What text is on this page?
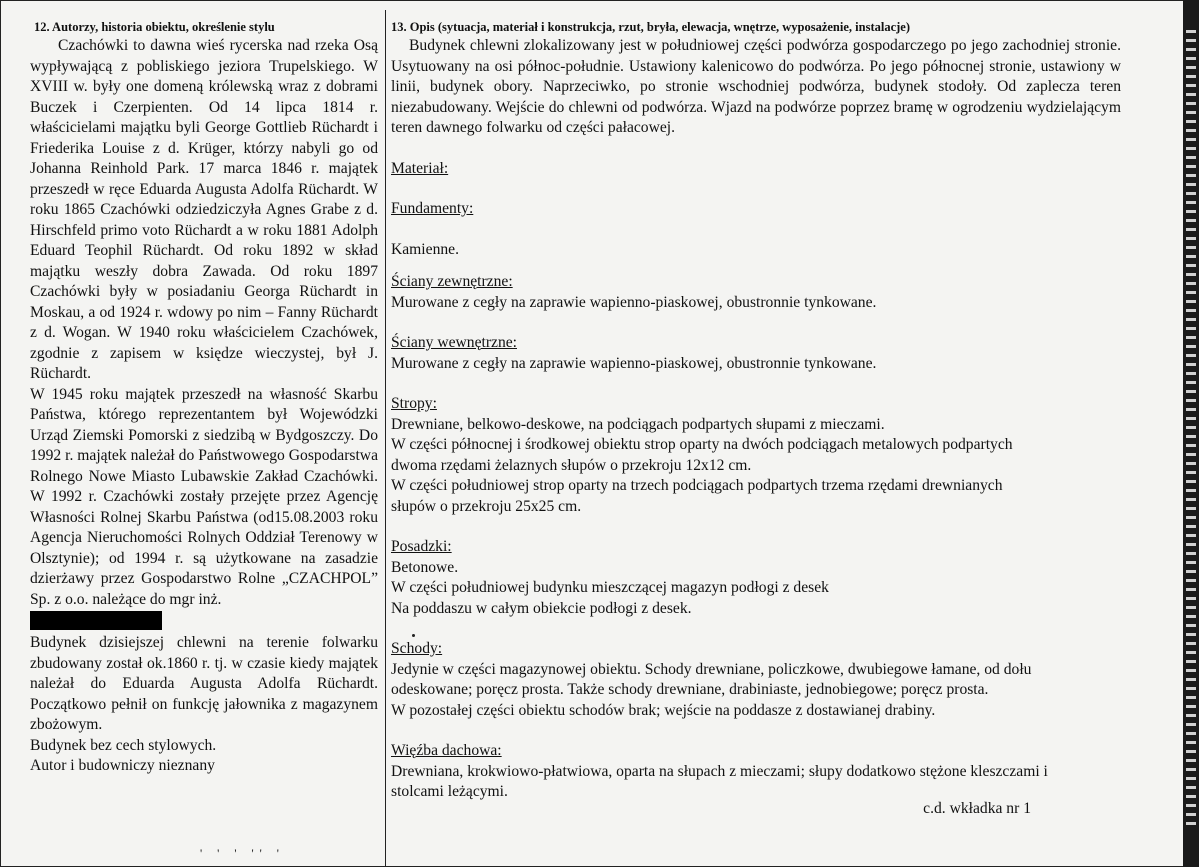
12. Autorzy, historia obiektu, określenie stylu

Czachówki to dawna wieś rycerska nad rzeka Osą wypływającą z pobliskiego jeziora Trupelskiego. W XVIII w. były one domeną królewską wraz z dobrami Buczek i Czerpienten. Od 14 lipca 1814 r. właścicielami majątku byli George Gottlieb Rüchardt i Friederika Louise z d. Krüger, którzy nabyli go od Johanna Reinhold Park. 17 marca 1846 r. majątek przeszedł w ręce Eduarda Augusta Adolfa Rüchardt. W roku 1865 Czachówki odziedziczyła Agnes Grabe z d. Hirschfeld primo voto Rüchardt a w roku 1881 Adolph Eduard Teophil Rüchardt. Od roku 1892 w skład majątku weszły dobra Zawada. Od roku 1897 Czachówki były w posiadaniu Georga Rüchardt in Moskau, a od 1924 r. wdowy po nim – Fanny Rüchardt z d. Wogan. W 1940 roku właścicielem Czachówek, zgodnie z zapisem w księdze wieczystej, był J. Rüchardt.

W 1945 roku majątek przeszedł na własność Skarbu Państwa, którego reprezentantem był Wojewódzki Urząd Ziemski Pomorski z siedzibą w Bydgoszczy. Do 1992 r. majątek należał do Państwowego Gospodarstwa Rolnego Nowe Miasto Lubawskie Zakład Czachówki. W 1992 r. Czachówki zostały przejęte przez Agencję Własności Rolnej Skarbu Państwa (od15.08.2003 roku Agencja Nieruchomości Rolnych Oddział Terenowy w Olsztynie); od 1994 r. są użytkowane na zasadzie dzierżawy przez Gospodarstwo Rolne „CZACHPOL” Sp. z o.o. należące do mgr inż.

Budynek dzisiejszej chlewni na terenie folwarku zbudowany został ok.1860 r. tj. w czasie kiedy majątek należał do Eduarda Augusta Adolfa Rüchardt. Początkowo pełnił on funkcję jałownika z magazynem zbożowym.

Budynek bez cech stylowych.

Autor i budowniczy nieznany

13. Opis (sytuacja, materiał i konstrukcja, rzut, bryła, elewacja, wnętrze, wyposażenie, instalacje)

Budynek chlewni zlokalizowany jest w południowej części podwórza gospodarczego po jego zachodniej stronie. Usytuowany na osi północ-południe. Ustawiony kalenicowo do podwórza. Po jego północnej stronie, ustawiony w linii, budynek obory. Naprzeciwko, po stronie wschodniej podwórza, budynek stodoły. Od zaplecza teren niezabudowany. Wejście do chlewni od podwórza. Wjazd na podwórze poprzez bramę w ogrodzeniu wydzielającym teren dawnego folwarku od części pałacowej.

Materiał:

Fundamenty:

Kamienne.

Ściany zewnętrzne:

Murowane z cegły na zaprawie wapienno-piaskowej, obustronnie tynkowane.

Ściany wewnętrzne:

Murowane z cegły na zaprawie wapienno-piaskowej, obustronnie tynkowane.

Stropy:

Drewniane, belkowo-deskowe, na podciągach podpartych słupami z mieczami.

W części północnej i środkowej obiektu strop oparty na dwóch podciągach metalowych podpartych

dwoma rzędami żelaznych słupów o przekroju 12x12 cm.

W części południowej strop oparty na trzech podciągach podpartych trzema rzędami drewnianych

słupów o przekroju 25x25 cm.

Posadzki:

Betonowe.

W części południowej budynku mieszczącej magazyn podłogi z desek

Na poddaszu w całym obiekcie podłogi z desek.

Schody:

Jedynie w części magazynowej obiektu. Schody drewniane, policzkowe, dwubiegowe łamane, od dołu

odeskowane; poręcz prosta. Także schody drewniane, drabiniaste, jednobiegowe; poręcz prosta.

W pozostałej części obiektu schodów brak; wejście na poddasze z dostawianej drabiny.

Więźba dachowa:

Drewniana, krokwiowo-płatwiowa, oparta na słupach z mieczami; słupy dodatkowo stężone kleszczami i

stolcami leżącymi.

c.d. wkładka nr 1
' ' ' '' '
